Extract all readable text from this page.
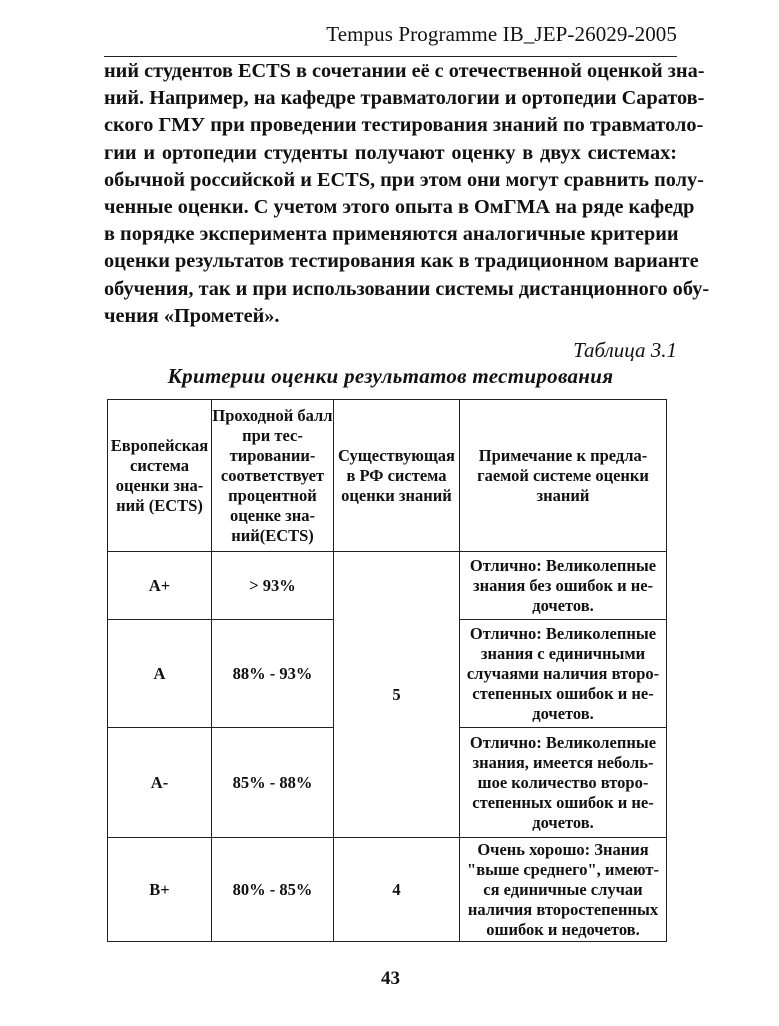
Tempus Programme IB_JEP-26029-2005
ний студентов ECTS в сочетании её с отечественной оценкой зна-
ний. Например, на кафедре травматологии и ортопедии Саратов-
ского ГМУ при проведении тестирования знаний по травматоло-
гии и ортопедии студенты получают оценку в двух системах:
обычной российской и ECTS, при этом они могут сравнить полу-
ченные оценки. С учетом этого опыта в ОмГМА на ряде кафедр
в порядке эксперимента применяются аналогичные критерии
оценки результатов тестирования как в традиционном варианте
обучения, так и при использовании системы дистанционного обу-
чения «Прометей».
Таблица 3.1
Критерии оценки результатов тестирования
Европейская система оценки зна-ний (ECTS)	Проходной балл при тес-тировании-соответствует процентной оценке зна-ний(ECTS)	Существующая в РФ система оценки знаний	Примечание к предла-гаемой системе оценки знаний
A+	> 93%	5	Отлично: Великолепные знания без ошибок и не-дочетов.
A	88% - 93%		Отлично: Великолепные знания с единичными случаями наличия второ-степенных ошибок и не-дочетов.
A-	85% - 88%		Отлично: Великолепные знания, имеется неболь-шое количество второ-степенных ошибок и не-дочетов.
B+	80% - 85%	4	Очень хорошо: Знания "выше среднего", имеют-ся единичные случаи наличия второстепенных ошибок и недочетов.
43
